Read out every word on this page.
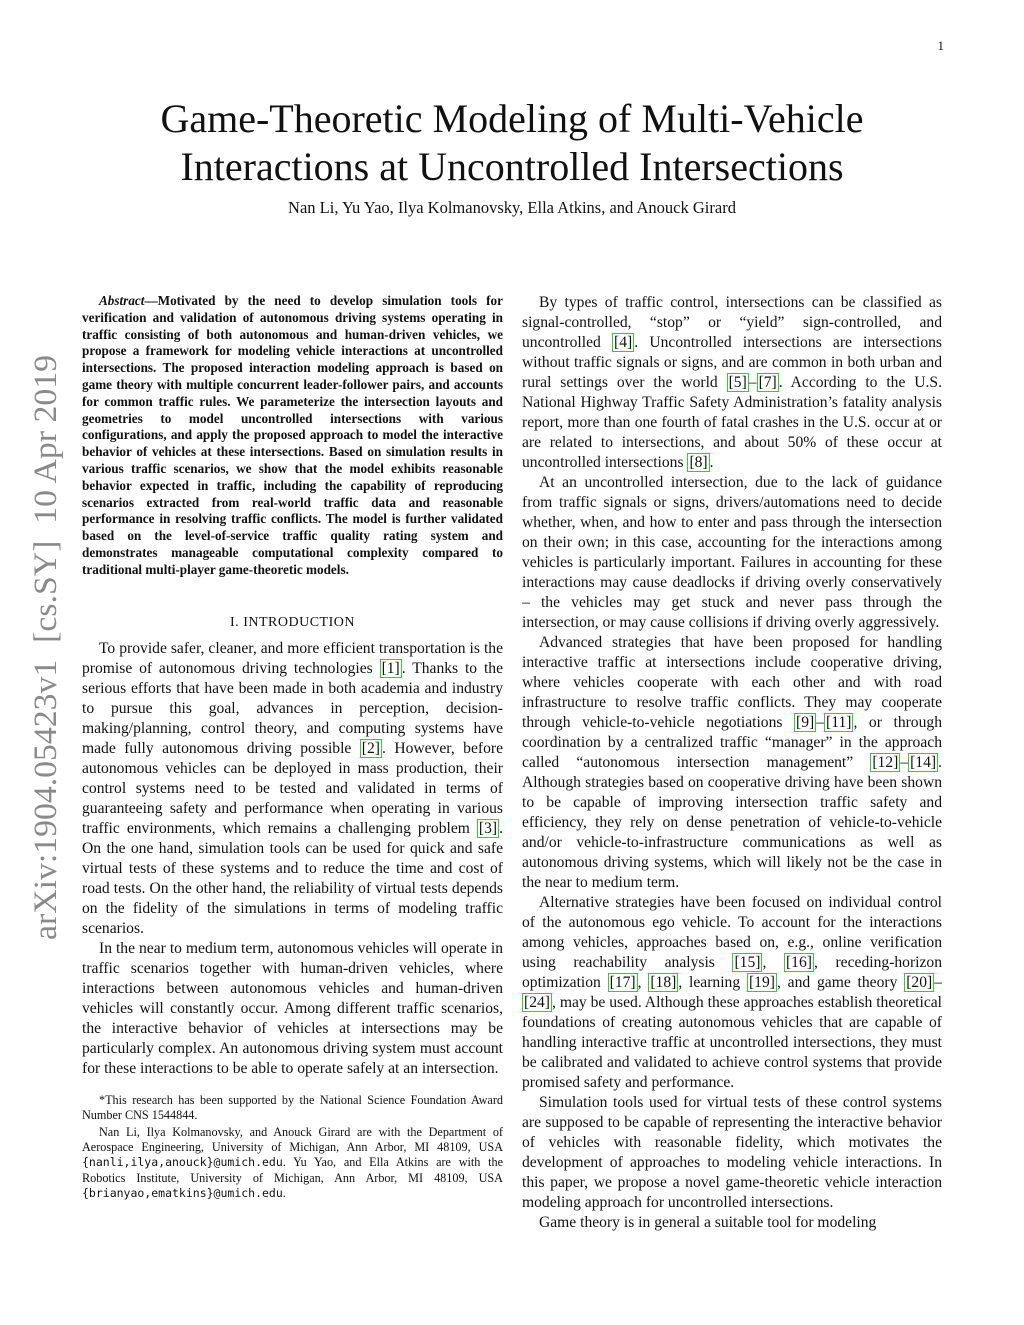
1
arXiv:1904.05423v1  [cs.SY]  10 Apr 2019
Game-Theoretic Modeling of Multi-Vehicle
Interactions at Uncontrolled Intersections
Nan Li, Yu Yao, Ilya Kolmanovsky, Ella Atkins, and Anouck Girard

Abstract—Motivated by the need to develop simulation tools for verification and validation of autonomous driving systems operating in traffic consisting of both autonomous and human-driven vehicles, we propose a framework for modeling vehicle interactions at uncontrolled intersections. The proposed interaction modeling approach is based on game theory with multiple concurrent leader-follower pairs, and accounts for common traffic rules. We parameterize the intersection layouts and geometries to model uncontrolled intersections with various configurations, and apply the proposed approach to model the interactive behavior of vehicles at these intersections. Based on simulation results in various traffic scenarios, we show that the model exhibits reasonable behavior expected in traffic, including the capability of reproducing scenarios extracted from real-world traffic data and reasonable performance in resolving traffic conflicts. The model is further validated based on the level-of-service traffic quality rating system and demonstrates manageable computational complexity compared to traditional multi-player game-theoretic models.

I. INTRODUCTION

To provide safer, cleaner, and more efficient transportation is the promise of autonomous driving technologies [1] . Thanks to the serious efforts that have been made in both academia and industry to pursue this goal, advances in perception, decision-making/planning, control theory, and computing systems have made fully autonomous driving possible [2] . However, before autonomous vehicles can be deployed in mass production, their control systems need to be tested and validated in terms of guaranteeing safety and performance when operating in various traffic environments, which remains a challenging problem [3] . On the one hand, simulation tools can be used for quick and safe virtual tests of these systems and to reduce the time and cost of road tests. On the other hand, the reliability of virtual tests depends on the fidelity of the simulations in terms of modeling traffic scenarios.

In the near to medium term, autonomous vehicles will operate in traffic scenarios together with human-driven vehicles, where interactions between autonomous vehicles and human-driven vehicles will constantly occur. Among different traffic scenarios, the interactive behavior of vehicles at intersections may be particularly complex. An autonomous driving system must account for these interactions to be able to operate safely at an intersection.

*This research has been supported by the National Science Foundation Award Number CNS 1544844.

Nan Li, Ilya Kolmanovsky, and Anouck Girard are with the Department of Aerospace Engineering, University of Michigan, Ann Arbor, MI 48109, USA {nanli,ilya,anouck}@umich.edu. Yu Yao, and Ella Atkins are with the Robotics Institute, University of Michigan, Ann Arbor, MI 48109, USA {brianyao,ematkins}@umich.edu.

By types of traffic control, intersections can be classified as signal-controlled, “stop” or “yield” sign-controlled, and uncontrolled [4] . Uncontrolled intersections are intersections without traffic signals or signs, and are common in both urban and rural settings over the world [5] – [7] . According to the U.S. National Highway Traffic Safety Administration’s fatality analysis report, more than one fourth of fatal crashes in the U.S. occur at or are related to intersections, and about 50% of these occur at uncontrolled intersections [8] .

At an uncontrolled intersection, due to the lack of guidance from traffic signals or signs, drivers/automations need to decide whether, when, and how to enter and pass through the intersection on their own; in this case, accounting for the interactions among vehicles is particularly important. Failures in accounting for these interactions may cause deadlocks if driving overly conservatively – the vehicles may get stuck and never pass through the intersection, or may cause collisions if driving overly aggressively.

Advanced strategies that have been proposed for handling interactive traffic at intersections include cooperative driving, where vehicles cooperate with each other and with road infrastructure to resolve traffic conflicts. They may cooperate through vehicle-to-vehicle negotiations [9] – [11] , or through coordination by a centralized traffic “manager” in the approach called “autonomous intersection management” [12] – [14] . Although strategies based on cooperative driving have been shown to be capable of improving intersection traffic safety and efficiency, they rely on dense penetration of vehicle-to-vehicle and/or vehicle-to-infrastructure communications as well as autonomous driving systems, which will likely not be the case in the near to medium term.

Alternative strategies have been focused on individual control of the autonomous ego vehicle. To account for the interactions among vehicles, approaches based on, e.g., online verification using reachability analysis [15] , [16] , receding-horizon optimization [17] , [18] , learning [19] , and game theory [20] –[24] , may be used. Although these approaches establish theoretical foundations of creating autonomous vehicles that are capable of handling interactive traffic at uncontrolled intersections, they must be calibrated and validated to achieve control systems that provide promised safety and performance.

Simulation tools used for virtual tests of these control systems are supposed to be capable of representing the interactive behavior of vehicles with reasonable fidelity, which motivates the development of approaches to modeling vehicle interactions. In this paper, we propose a novel game-theoretic vehicle interaction modeling approach for uncontrolled intersections.

Game theory is in general a suitable tool for modeling
